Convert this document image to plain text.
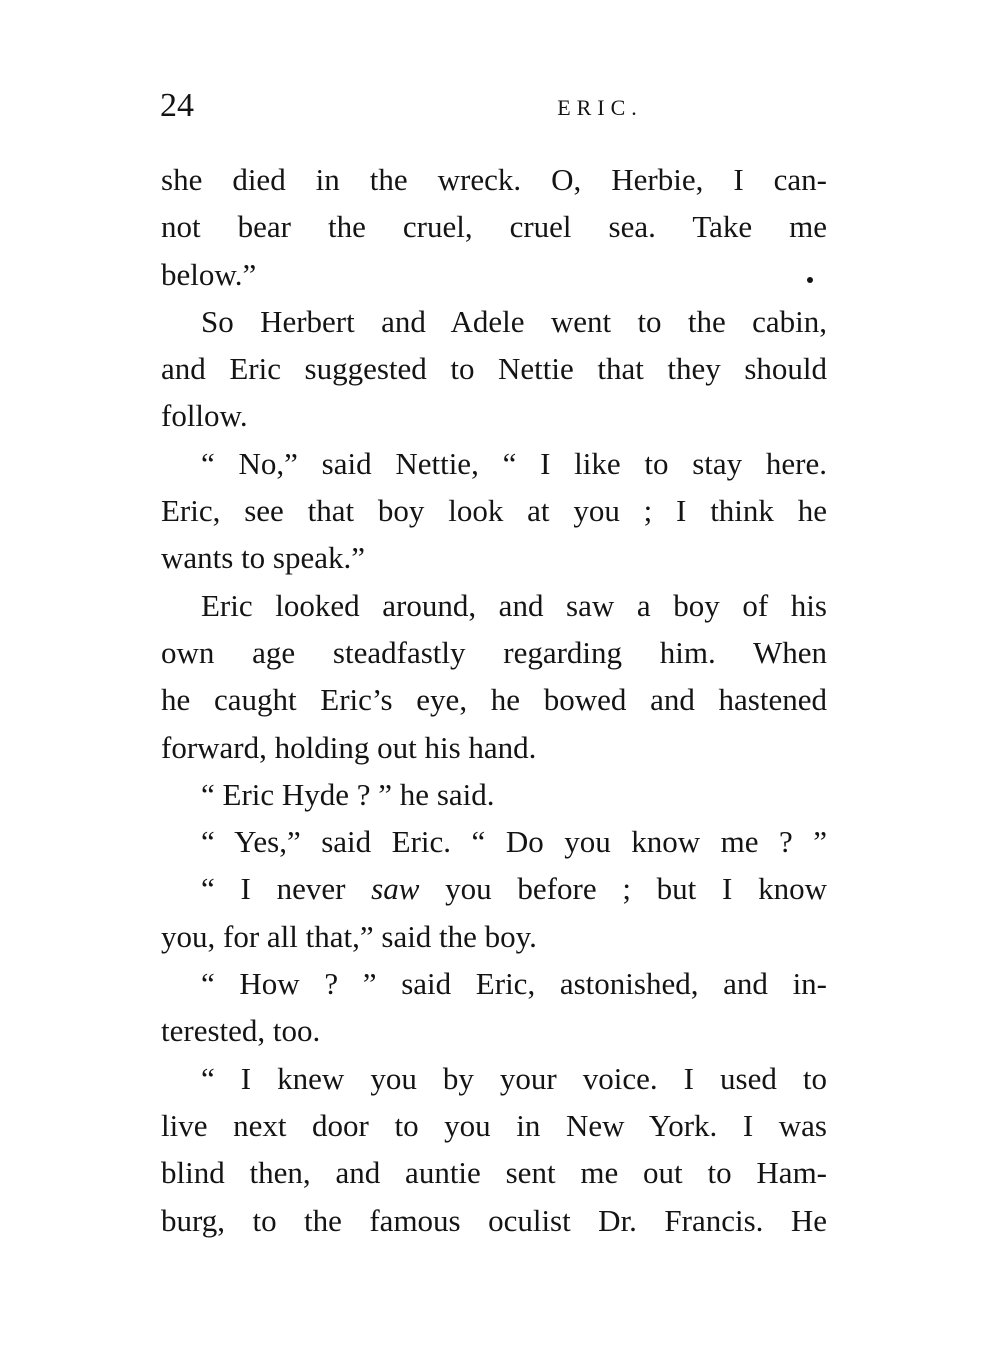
24	ERIC.
she died in the wreck. O, Herbie, I can-
not bear the cruel, cruel sea. Take me
below.”
So Herbert and Adele went to the cabin,
and Eric suggested to Nettie that they should
follow.
“ No,” said Nettie, “ I like to stay here.
Eric, see that boy look at you ; I think he
wants to speak.”
Eric looked around, and saw a boy of his
own age steadfastly regarding him. When
he caught Eric’s eye, he bowed and hastened
forward, holding out his hand.
“ Eric Hyde ? ” he said.
“ Yes,” said Eric. “ Do you know me ? ”
“ I never saw you before ; but I know
you, for all that,” said the boy.
“ How ? ” said Eric, astonished, and in-
terested, too.
“ I knew you by your voice. I used to
live next door to you in New York. I was
blind then, and auntie sent me out to Ham-
burg, to the famous oculist Dr. Francis. He
